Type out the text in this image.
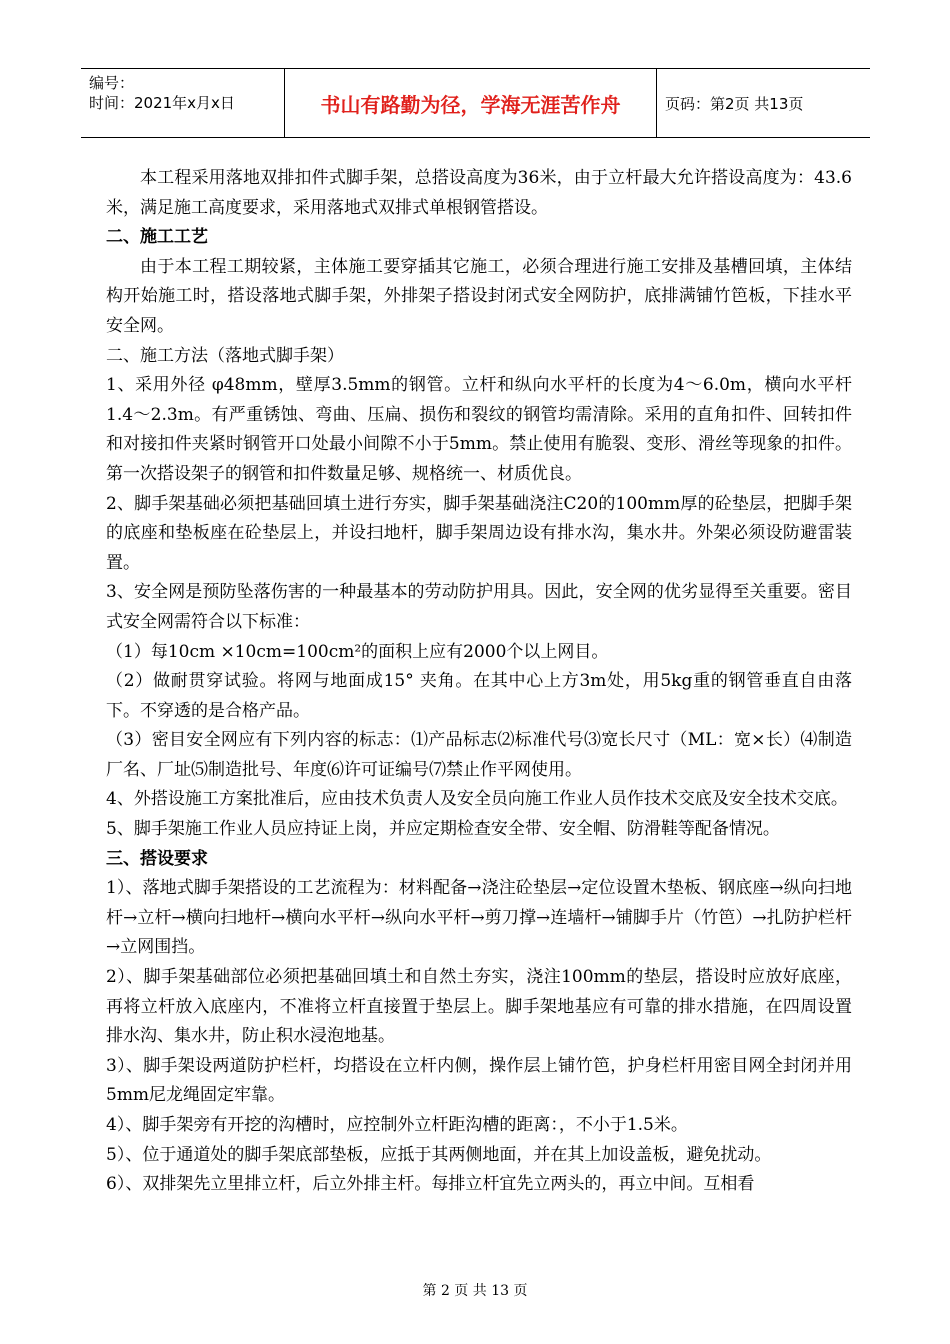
编号：
时间：2021年x月x日	书山有路勤为径，学海无涯苦作舟	页码：第2页 共13页

本工程采用落地双排扣件式脚手架，总搭设高度为36米，由于立杆最大允许搭设高度为：43.6米，满足施工高度要求，采用落地式双排式单根钢管搭设。

二、施工工艺

由于本工程工期较紧，主体施工要穿插其它施工，必须合理进行施工安排及基槽回填，主体结构开始施工时，搭设落地式脚手架，外排架子搭设封闭式安全网防护，底排满铺竹笆板，下挂水平安全网。

二、施工方法（落地式脚手架）

1、采用外径 φ48mm，壁厚3.5mm的钢管。立杆和纵向水平杆的长度为4～6.0m，横向水平杆1.4～2.3m。有严重锈蚀、弯曲、压扁、损伤和裂纹的钢管均需清除。采用的直角扣件、回转扣件和对接扣件夹紧时钢管开口处最小间隙不小于5mm。禁止使用有脆裂、变形、滑丝等现象的扣件。第一次搭设架子的钢管和扣件数量足够、规格统一、材质优良。

2、脚手架基础必须把基础回填土进行夯实，脚手架基础浇注C20的100mm厚的砼垫层，把脚手架的底座和垫板座在砼垫层上，并设扫地杆，脚手架周边设有排水沟，集水井。外架必须设防避雷装置。

3、安全网是预防坠落伤害的一种最基本的劳动防护用具。因此，安全网的优劣显得至关重要。密目式安全网需符合以下标准：

（1）每10cm ×10cm=100cm²的面积上应有2000个以上网目。

（2）做耐贯穿试验。将网与地面成15° 夹角。在其中心上方3m处，用5kg重的钢管垂直自由落下。不穿透的是合格产品。

（3）密目安全网应有下列内容的标志：⑴产品标志⑵标准代号⑶宽长尺寸（ML：宽×长）⑷制造厂名、厂址⑸制造批号、年度⑹许可证编号⑺禁止作平网使用。

4、外搭设施工方案批准后，应由技术负责人及安全员向施工作业人员作技术交底及安全技术交底。

5、脚手架施工作业人员应持证上岗，并应定期检查安全带、安全帽、防滑鞋等配备情况。

三、搭设要求

1）、落地式脚手架搭设的工艺流程为：材料配备→浇注砼垫层→定位设置木垫板、钢底座→纵向扫地杆→立杆→横向扫地杆→横向水平杆→纵向水平杆→剪刀撑→连墙杆→铺脚手片（竹笆）→扎防护栏杆→立网围挡。

2）、脚手架基础部位必须把基础回填土和自然土夯实，浇注100mm的垫层，搭设时应放好底座，再将立杆放入底座内，不准将立杆直接置于垫层上。脚手架地基应有可靠的排水措施，在四周设置排水沟、集水井，防止积水浸泡地基。

3）、脚手架设两道防护栏杆，均搭设在立杆内侧，操作层上铺竹笆，护身栏杆用密目网全封闭并用5mm尼龙绳固定牢靠。

4）、脚手架旁有开挖的沟槽时，应控制外立杆距沟槽的距离：，不小于1.5米。

5）、位于通道处的脚手架底部垫板，应抵于其两侧地面，并在其上加设盖板，避免扰动。

6）、双排架先立里排立杆，后立外排主杆。每排立杆宜先立两头的，再立中间。互相看

第 2 页 共 13 页
